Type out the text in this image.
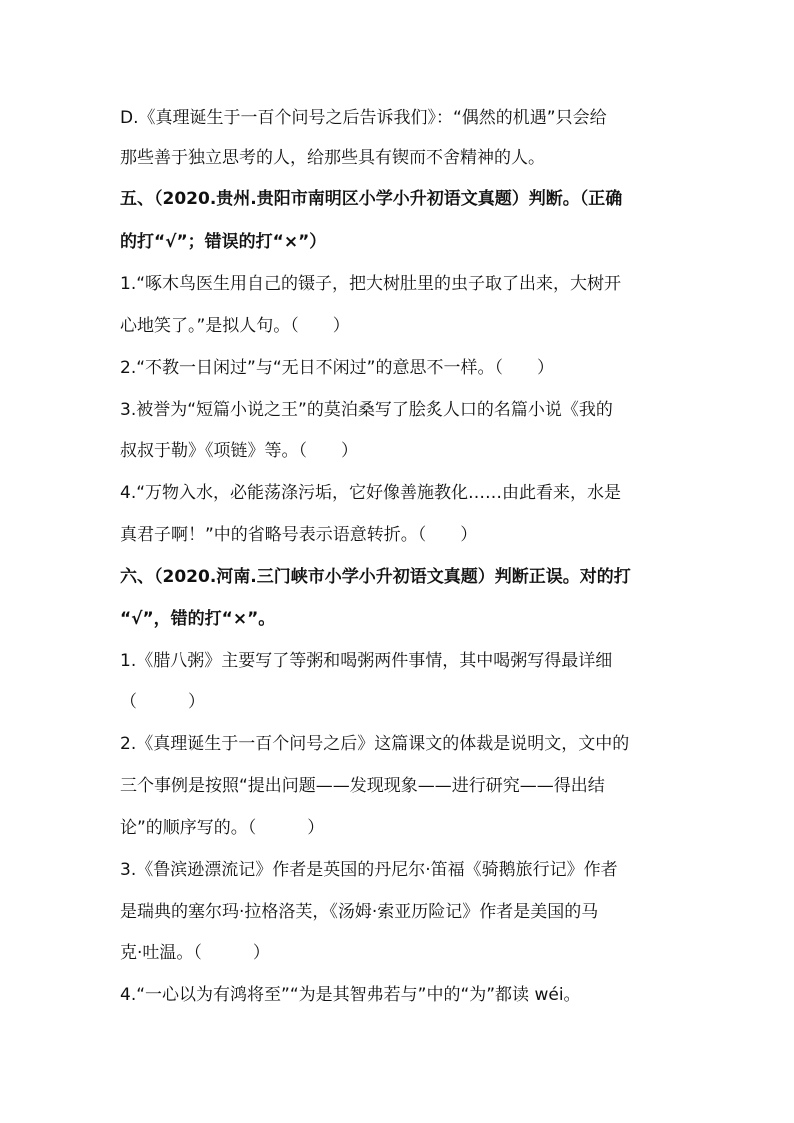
D.《真理诞生于一百个问号之后告诉我们》：“偶然的机遇”只会给

那些善于独立思考的人，给那些具有锲而不舍精神的人。

五、（2020.贵州.贵阳市南明区小学小升初语文真题）判断。（正确

的打“√”；错误的打“×”）

1.“啄木鸟医生用自己的镊子，把大树肚里的虫子取了出来，大树开

心地笑了。”是拟人句。（　　）

2.“不教一日闲过”与“无日不闲过”的意思不一样。（　　）

3.被誉为“短篇小说之王”的莫泊桑写了脍炙人口的名篇小说《我的

叔叔于勒》《项链》等。（　　）

4.“万物入水，必能荡涤污垢，它好像善施教化……由此看来，水是

真君子啊！”中的省略号表示语意转折。（　　）

六、（2020.河南.三门峡市小学小升初语文真题）判断正误。对的打

“√”，错的打“×”。

1.《腊八粥》主要写了等粥和喝粥两件事情，其中喝粥写得最详细

（　　　）

2.《真理诞生于一百个问号之后》这篇课文的体裁是说明文，文中的

三个事例是按照“提出问题——发现现象——进行研究——得出结

论”的顺序写的。（　　　）

3.《鲁滨逊漂流记》作者是英国的丹尼尔·笛福《骑鹅旅行记》作者

是瑞典的塞尔玛·拉格洛芙，《汤姆·索亚历险记》作者是美国的马

克·吐温。（　　　）

4.“一心以为有鸿将至”“为是其智弗若与”中的“为”都读 wéi。
